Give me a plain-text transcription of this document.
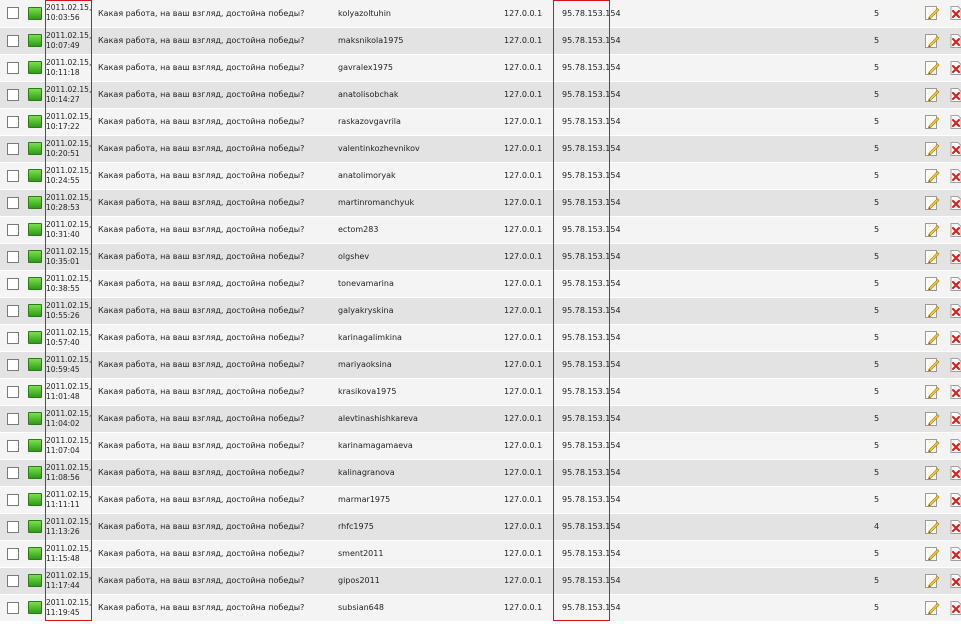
		2011.02.15,
10:03:56	Какая работа, на ваш взгляд, достойна победы?	kolyazoltuhin	127.0.0.1	95.78.153.154	5		
		2011.02.15,
10:07:49	Какая работа, на ваш взгляд, достойна победы?	maksnikola1975	127.0.0.1	95.78.153.154	5		
		2011.02.15,
10:11:18	Какая работа, на ваш взгляд, достойна победы?	gavralex1975	127.0.0.1	95.78.153.154	5		
		2011.02.15,
10:14:27	Какая работа, на ваш взгляд, достойна победы?	anatolisobchak	127.0.0.1	95.78.153.154	5		
		2011.02.15,
10:17:22	Какая работа, на ваш взгляд, достойна победы?	raskazovgavrila	127.0.0.1	95.78.153.154	5		
		2011.02.15,
10:20:51	Какая работа, на ваш взгляд, достойна победы?	valentinkozhevnikov	127.0.0.1	95.78.153.154	5		
		2011.02.15,
10:24:55	Какая работа, на ваш взгляд, достойна победы?	anatolimoryak	127.0.0.1	95.78.153.154	5		
		2011.02.15,
10:28:53	Какая работа, на ваш взгляд, достойна победы?	martinromanchyuk	127.0.0.1	95.78.153.154	5		
		2011.02.15,
10:31:40	Какая работа, на ваш взгляд, достойна победы?	ectom283	127.0.0.1	95.78.153.154	5		
		2011.02.15,
10:35:01	Какая работа, на ваш взгляд, достойна победы?	olgshev	127.0.0.1	95.78.153.154	5		
		2011.02.15,
10:38:55	Какая работа, на ваш взгляд, достойна победы?	tonevamarina	127.0.0.1	95.78.153.154	5		
		2011.02.15,
10:55:26	Какая работа, на ваш взгляд, достойна победы?	galyakryskina	127.0.0.1	95.78.153.154	5		
		2011.02.15,
10:57:40	Какая работа, на ваш взгляд, достойна победы?	karinagalimkina	127.0.0.1	95.78.153.154	5		
		2011.02.15,
10:59:45	Какая работа, на ваш взгляд, достойна победы?	mariyaoksina	127.0.0.1	95.78.153.154	5		
		2011.02.15,
11:01:48	Какая работа, на ваш взгляд, достойна победы?	krasikova1975	127.0.0.1	95.78.153.154	5		
		2011.02.15,
11:04:02	Какая работа, на ваш взгляд, достойна победы?	alevtinashishkareva	127.0.0.1	95.78.153.154	5		
		2011.02.15,
11:07:04	Какая работа, на ваш взгляд, достойна победы?	karinamagamaeva	127.0.0.1	95.78.153.154	5		
		2011.02.15,
11:08:56	Какая работа, на ваш взгляд, достойна победы?	kalinagranova	127.0.0.1	95.78.153.154	5		
		2011.02.15,
11:11:11	Какая работа, на ваш взгляд, достойна победы?	marmar1975	127.0.0.1	95.78.153.154	5		
		2011.02.15,
11:13:26	Какая работа, на ваш взгляд, достойна победы?	rhfc1975	127.0.0.1	95.78.153.154	4		
		2011.02.15,
11:15:48	Какая работа, на ваш взгляд, достойна победы?	sment2011	127.0.0.1	95.78.153.154	5		
		2011.02.15,
11:17:44	Какая работа, на ваш взгляд, достойна победы?	gipos2011	127.0.0.1	95.78.153.154	5		
		2011.02.15,
11:19:45	Какая работа, на ваш взгляд, достойна победы?	subsian648	127.0.0.1	95.78.153.154	5		
